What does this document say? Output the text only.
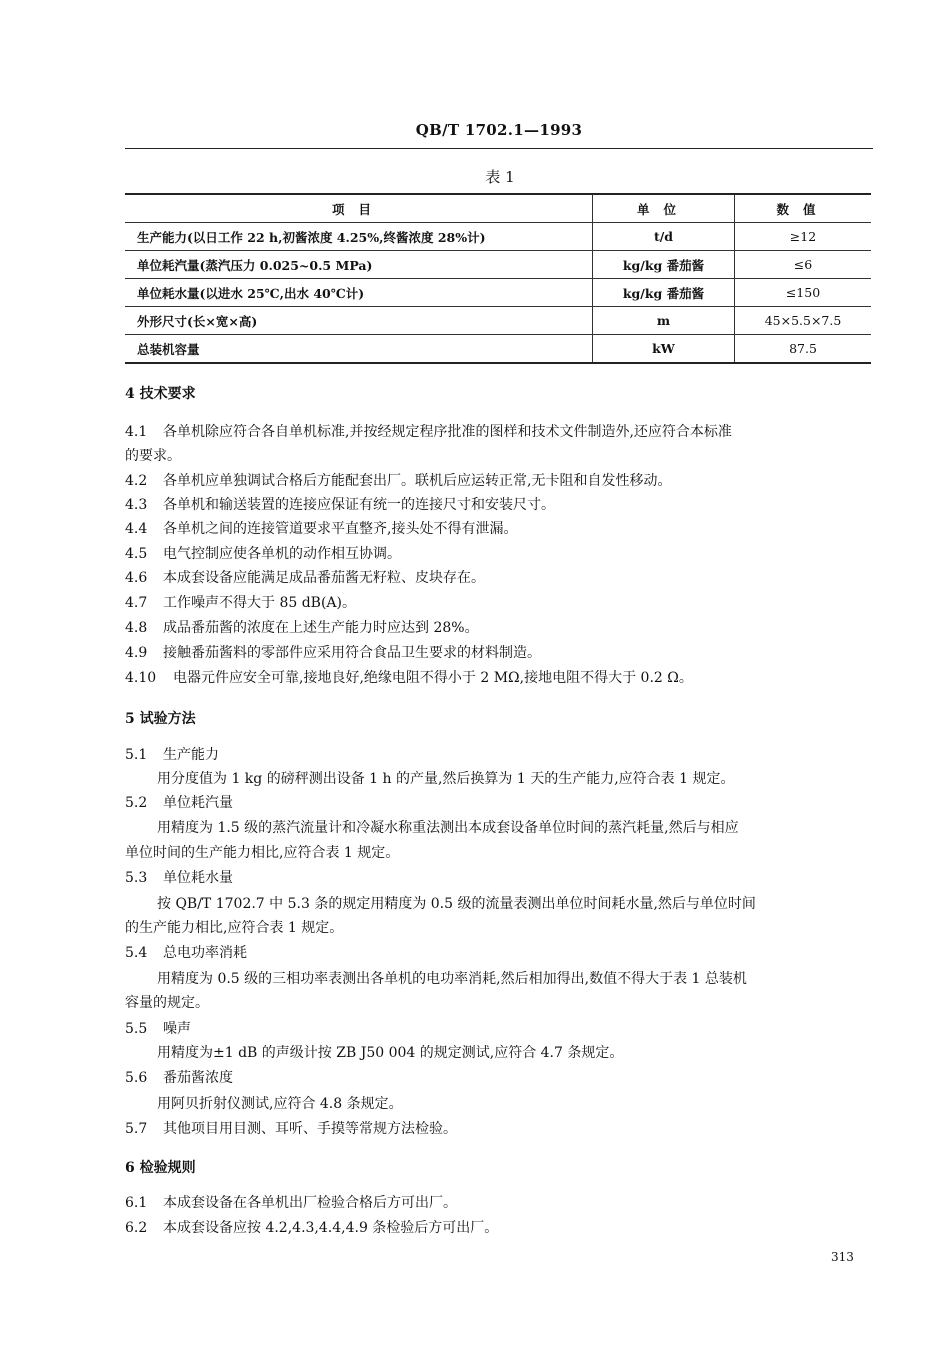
QB/T 1702.1—1993
表 1
项目	单位	数值
生产能力(以日工作 22 h,初酱浓度 4.25%,终酱浓度 28%计)	t/d	≥12
单位耗汽量(蒸汽压力 0.025~0.5 MPa)	kg/kg 番茄酱	≤6
单位耗水量(以进水 25℃,出水 40℃计)	kg/kg 番茄酱	≤150
外形尺寸(长×宽×高)	m	45×5.5×7.5
总装机容量	kW	87.5
4 技术要求
4.1 各单机除应符合各自单机标准,并按经规定程序批准的图样和技术文件制造外,还应符合本标准
的要求。
4.2 各单机应单独调试合格后方能配套出厂。联机后应运转正常,无卡阻和自发性移动。
4.3 各单机和输送装置的连接应保证有统一的连接尺寸和安装尺寸。
4.4 各单机之间的连接管道要求平直整齐,接头处不得有泄漏。
4.5 电气控制应使各单机的动作相互协调。
4.6 本成套设备应能满足成品番茄酱无籽粒、皮块存在。
4.7 工作噪声不得大于 85 dB(A)。
4.8 成品番茄酱的浓度在上述生产能力时应达到 28%。
4.9 接触番茄酱料的零部件应采用符合食品卫生要求的材料制造。
4.10 电器元件应安全可靠,接地良好,绝缘电阻不得小于 2 MΩ,接地电阻不得大于 0.2 Ω。
5 试验方法
5.1 生产能力
用分度值为 1 kg 的磅秤测出设备 1 h 的产量,然后换算为 1 天的生产能力,应符合表 1 规定。
5.2 单位耗汽量
用精度为 1.5 级的蒸汽流量计和冷凝水称重法测出本成套设备单位时间的蒸汽耗量,然后与相应
单位时间的生产能力相比,应符合表 1 规定。
5.3 单位耗水量
按 QB/T 1702.7 中 5.3 条的规定用精度为 0.5 级的流量表测出单位时间耗水量,然后与单位时间
的生产能力相比,应符合表 1 规定。
5.4 总电功率消耗
用精度为 0.5 级的三相功率表测出各单机的电功率消耗,然后相加得出,数值不得大于表 1 总装机
容量的规定。
5.5 噪声
用精度为±1 dB 的声级计按 ZB J50 004 的规定测试,应符合 4.7 条规定。
5.6 番茄酱浓度
用阿贝折射仪测试,应符合 4.8 条规定。
5.7 其他项目用目测、耳听、手摸等常规方法检验。
6 检验规则
6.1 本成套设备在各单机出厂检验合格后方可出厂。
6.2 本成套设备应按 4.2,4.3,4.4,4.9 条检验后方可出厂。
313
